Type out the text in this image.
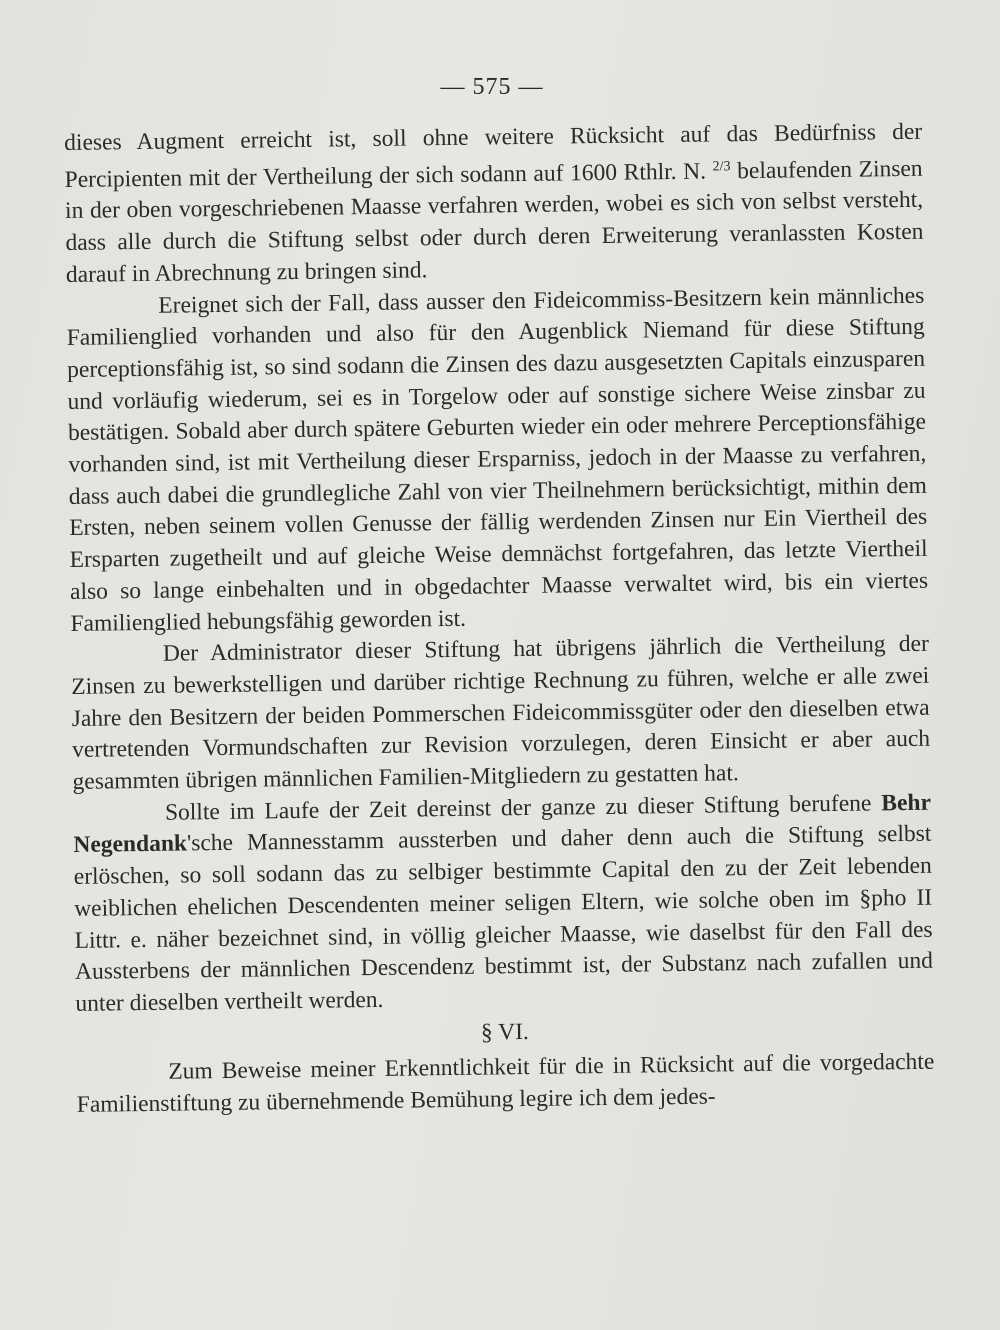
— 575 —

dieses Augment erreicht ist, soll ohne weitere Rücksicht auf das Bedürfniss der Percipienten mit der Vertheilung der sich sodann auf 1600 Rthlr. N. $^{2/3}$ belaufenden Zinsen in der oben vorgeschriebenen Maasse verfahren werden, wobei es sich von selbst versteht, dass alle durch die Stiftung selbst oder durch deren Erweiterung veranlassten Kosten darauf in Abrechnung zu bringen sind.

Ereignet sich der Fall, dass ausser den Fideicommiss-Besitzern kein männliches Familienglied vorhanden und also für den Augenblick Niemand für diese Stiftung perceptionsfähig ist, so sind sodann die Zinsen des dazu ausgesetzten Capitals einzusparen und vorläufig wiederum, sei es in Torgelow oder auf sonstige sichere Weise zinsbar zu bestätigen. Sobald aber durch spätere Geburten wieder ein oder mehrere Perceptionsfähige vorhanden sind, ist mit Vertheilung dieser Ersparniss, jedoch in der Maasse zu verfahren, dass auch dabei die grundlegliche Zahl von vier Theilnehmern berücksichtigt, mithin dem Ersten, neben seinem vollen Genusse der fällig werdenden Zinsen nur Ein Viertheil des Ersparten zugetheilt und auf gleiche Weise demnächst fortgefahren, das letzte Viertheil also so lange einbehalten und in obgedachter Maasse verwaltet wird, bis ein viertes Familienglied hebungsfähig geworden ist.

Der Administrator dieser Stiftung hat übrigens jährlich die Vertheilung der Zinsen zu bewerkstelligen und darüber richtige Rechnung zu führen, welche er alle zwei Jahre den Besitzern der beiden Pommerschen Fideicommissgüter oder den dieselben etwa vertretenden Vormundschaften zur Revision vorzulegen, deren Einsicht er aber auch gesammten übrigen männlichen Familien-Mitgliedern zu gestatten hat.

Sollte im Laufe der Zeit dereinst der ganze zu dieser Stiftung berufene Behr Negendank'sche Mannesstamm aussterben und daher denn auch die Stiftung selbst erlöschen, so soll sodann das zu selbiger bestimmte Capital den zu der Zeit lebenden weiblichen ehelichen Descendenten meiner seligen Eltern, wie solche oben im §pho II Littr. e. näher bezeichnet sind, in völlig gleicher Maasse, wie daselbst für den Fall des Aussterbens der männlichen Descendenz bestimmt ist, der Substanz nach zufallen und unter dieselben vertheilt werden.

§ VI.

Zum Beweise meiner Erkenntlichkeit für die in Rücksicht auf die vorgedachte Familienstiftung zu übernehmende Bemühung legire ich dem jedes-
